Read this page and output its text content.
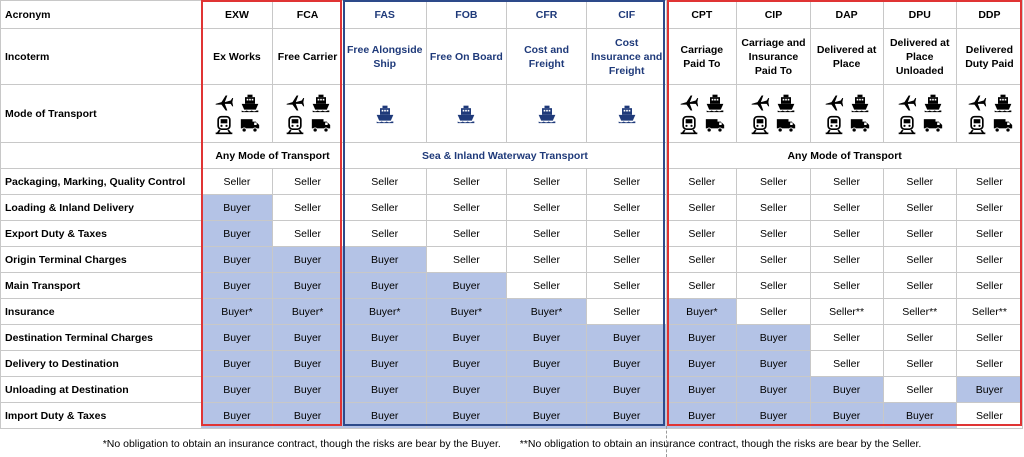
Acronym	EXW	FCA	FAS	FOB	CFR	CIF	CPT	CIP	DAP	DPU	DDP
Incoterm	Ex Works	Free Carrier	Free Alongside Ship	Free On Board	Cost and Freight	Cost Insurance and Freight	Carriage Paid To	Carriage and Insurance Paid To	Delivered at Place	Delivered at Place Unloaded	Delivered Duty Paid
Mode of Transport	

	Any Mode of Transport		Sea & Inland Waterway Transport				Any Mode of Transport				
Packaging, Marking, Quality Control	Seller	Seller	Seller	Seller	Seller	Seller	Seller	Seller	Seller	Seller	Seller
Loading & Inland Delivery	Buyer	Seller	Seller	Seller	Seller	Seller	Seller	Seller	Seller	Seller	Seller
Export Duty & Taxes	Buyer	Seller	Seller	Seller	Seller	Seller	Seller	Seller	Seller	Seller	Seller
Origin Terminal Charges	Buyer	Buyer	Buyer	Seller	Seller	Seller	Seller	Seller	Seller	Seller	Seller
Main Transport	Buyer	Buyer	Buyer	Buyer	Seller	Seller	Seller	Seller	Seller	Seller	Seller
Insurance	Buyer*	Buyer*	Buyer*	Buyer*	Buyer*	Seller	Buyer*	Seller	Seller**	Seller**	Seller**
Destination Terminal Charges	Buyer	Buyer	Buyer	Buyer	Buyer	Buyer	Buyer	Buyer	Seller	Seller	Seller
Delivery to Destination	Buyer	Buyer	Buyer	Buyer	Buyer	Buyer	Buyer	Buyer	Seller	Seller	Seller
Unloading at Destination	Buyer	Buyer	Buyer	Buyer	Buyer	Buyer	Buyer	Buyer	Buyer	Seller	Buyer
Import Duty & Taxes	Buyer	Buyer	Buyer	Buyer	Buyer	Buyer	Buyer	Buyer	Buyer	Buyer	Seller
*No obligation to obtain an insurance contract, though the risks are bear by the Buyer. **No obligation to obtain an insurance contract, though the risks are bear by the Seller.
